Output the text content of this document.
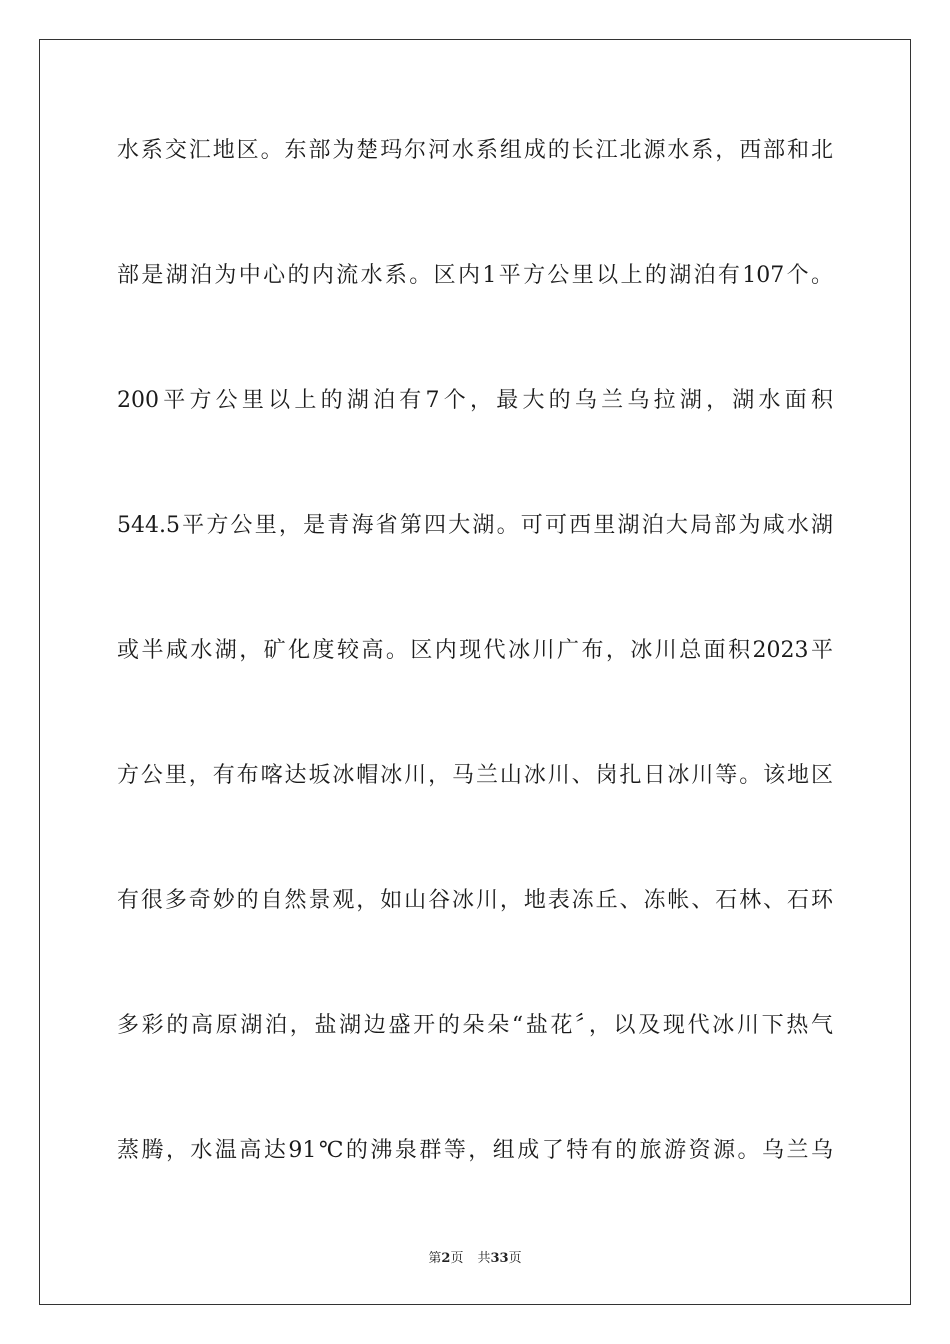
水系交汇地区。东部为楚玛尔河水系组成的长江北源水系，西部和北
部是湖泊为中心的内流水系。区内1平方公里以上的湖泊有107个。
200平方公里以上的湖泊有7个，最大的乌兰乌拉湖，湖水面积
544.5平方公里，是青海省第四大湖。可可西里湖泊大局部为咸水湖
或半咸水湖，矿化度较高。区内现代冰川广布，冰川总面积2023平
方公里，有布喀达坂冰帽冰川，马兰山冰川、岗扎日冰川等。该地区
有很多奇妙的自然景观，如山谷冰川，地表冻丘、冻帐、石林、石环
多彩的高原湖泊，盐湖边盛开的朵朵“盐花〞，以及现代冰川下热气
蒸腾，水温高达91℃的沸泉群等，组成了特有的旅游资源。乌兰乌
第2页 共33页
